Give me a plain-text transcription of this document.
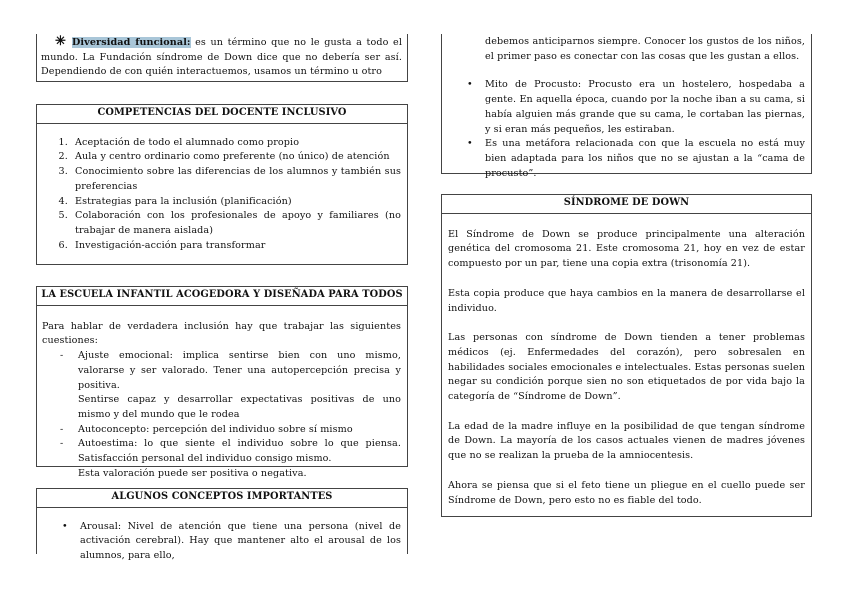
✳ Diversidad funcional: es un término que no le gusta a todo el mundo. La Fundación síndrome de Down dice que no debería ser así. Dependiendo de con quién interactuemos, usamos un término u otro
COMPETENCIAS DEL DOCENTE INCLUSIVO
1. Aceptación de todo el alumnado como propio
2. Aula y centro ordinario como preferente (no único) de atención
3. Conocimiento sobre las diferencias de los alumnos y también sus preferencias
4. Estrategias para la inclusión (planificación)
5. Colaboración con los profesionales de apoyo y familiares (no trabajar de manera aislada)
6. Investigación-acción para transformar
LA ESCUELA INFANTIL ACOGEDORA Y DISEÑADA PARA TODOS

Para hablar de verdadera inclusión hay que trabajar las siguientes cuestiones:

- Ajuste emocional: implica sentirse bien con uno mismo, valorarse y ser valorado. Tener una autopercepción precisa y positiva.

Sentirse capaz y desarrollar expectativas positivas de uno mismo y del mundo que le rodea

- Autoconcepto: percepción del individuo sobre sí mismo
- Autoestima: lo que siente el individuo sobre lo que piensa. Satisfacción personal del individuo consigo mismo.

Esta valoración puede ser positiva o negativa.

ALGUNOS CONCEPTOS IMPORTANTES
• Arousal: Nivel de atención que tiene una persona (nivel de activación cerebral). Hay que mantener alto el arousal de los alumnos, para ello,

debemos anticiparnos siempre. Conocer los gustos de los niños, el primer paso es conectar con las cosas que les gustan a ellos.

• Mito de Procusto: Procusto era un hostelero, hospedaba a gente. En aquella época, cuando por la noche iban a su cama, si había alguien más grande que su cama, le cortaban las piernas, y si eran más pequeños, les estiraban.
• Es una metáfora relacionada con que la escuela no está muy bien adaptada para los niños que no se ajustan a la “cama de procusto”.
SÍNDROME DE DOWN

El Síndrome de Down se produce principalmente una alteración genética del cromosoma 21. Este cromosoma 21, hoy en vez de estar compuesto por un par, tiene una copia extra (trisonomía 21).

Esta copia produce que haya cambios en la manera de desarrollarse el individuo.

Las personas con síndrome de Down tienden a tener problemas médicos (ej. Enfermedades del corazón), pero sobresalen en habilidades sociales emocionales e intelectuales. Estas personas suelen negar su condición porque sien no son etiquetados de por vida bajo la categoría de “Síndrome de Down”.

La edad de la madre influye en la posibilidad de que tengan síndrome de Down. La mayoría de los casos actuales vienen de madres jóvenes que no se realizan la prueba de la amniocentesis.

Ahora se piensa que si el feto tiene un pliegue en el cuello puede ser Síndrome de Down, pero esto no es fiable del todo.
